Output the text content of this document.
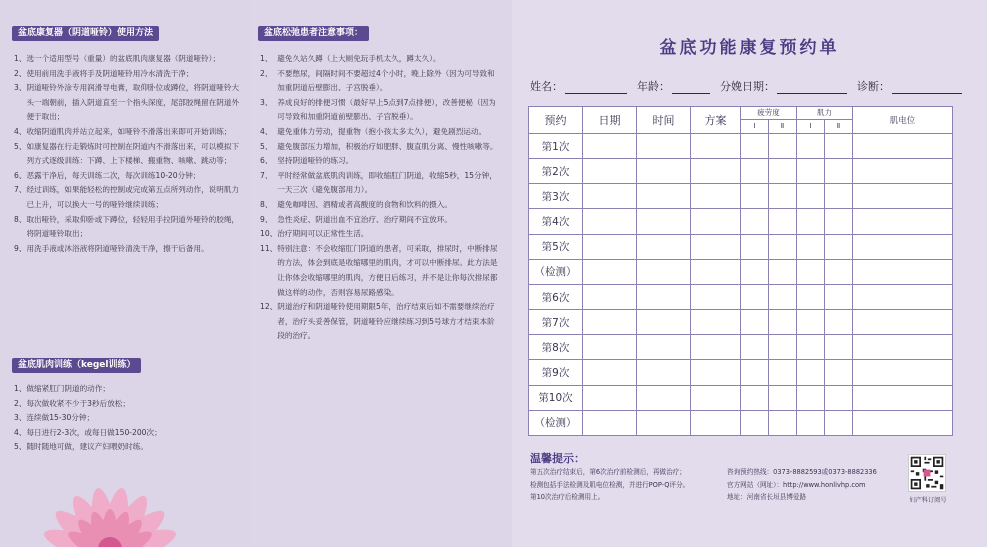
盆底康复器（阴道哑铃）使用方法
1、 选一个适用型号（重量）的盆底肌肉康复器（阴道哑铃）；
2、 使用前用洗手液将手及阴道哑铃用冷水清洗干净；
3、 阴道哑铃外涂专用润滑导电膏，取仰卧位或蹲位，将阴道哑铃大头一端朝前，插入阴道直至一个指头深度，尾部胶绳留在阴道外便于取出；
4、 收缩阴道肌肉并站立起来，如哑铃不滑落出来即可开始训练；
5、 如康复器在行走锻炼时可控制在阴道内不滑落出来，可以模拟下列方式逐级训练：下蹲、上下楼梯、搬重物、咳嗽、跳动等；
6、 恶露干净后，每天训练二次，每次训练10-20分钟；
7、 经过训练，如果能轻松的控制或完成第五点所列动作，说明肌力已上升，可以换大一号的哑铃继续训练；
8、 取出哑铃，采取仰卧或下蹲位，轻轻用手拉阴道外哑铃的胶绳，将阴道哑铃取出；
9、 用洗手液或沐浴液将阴道哑铃清洗干净，擦干后备用。
盆底肌肉训练（kegel训练）
1、 做缩紧肛门阴道的动作；
2、 每次做收紧不少于3秒后放松；
3、 连续做15-30分钟；
4、 每日进行2-3次，或每日做150-200次；
5、 随时随地可做，建议产妇喂奶时练。
盆底松弛患者注意事项：
1、 避免久站久蹲（上大厕免玩手机太久，蹲太久）。
2、 不要憋尿，间隔时间不要超过4个小时，晚上除外（因为可导致和加重阴道后壁膨出、子宫脱垂）。
3、 养成良好的排便习惯（最好早上5点到7点排便），改善便秘（因为可导致和加重阴道前壁膨出、子宫脱垂）。
4、 避免重体力劳动，提重物（抱小孩太多太久），避免剧烈运动。
5、 避免腹部压力增加，积极治疗如肥胖、腹直肌分离、慢性咳嗽等。
6、 坚持阴道哑铃的练习。
7、 平时经常做盆底肌肉训练，即收缩肛门阴道，收缩5秒，15分钟，一天三次（避免腹部用力）。
8、 避免咖啡因、酒精或者高酸度的食物和饮料的摄入。
9、 急性炎症、阴道出血不宜治疗、治疗期间不宜放环。
10、 治疗期间可以正常性生活。
11、 特别注意：不会收缩肛门阴道的患者，可采取，排尿时，中断排尿的方法，体会到底是收缩哪里的肌肉，才可以中断排尿。此方法是让你体会收缩哪里的肌肉，方便日后练习，并不是让你每次排尿都做这样的动作，否则容易尿路感染。
12、 阴道治疗和阴道哑铃使用期限5年，治疗结束后如不需要继续治疗者，治疗头妥善保管，阴道哑铃应继续练习到5号球方才结束本阶段的治疗。
盆底功能康复预约单
姓名：	年龄：	分娩日期：	诊断：
预约	日期	时间	方案	疲劳度		肌力		肌电位
				Ⅰ	Ⅱ	Ⅰ	Ⅱ	
第1次								
第2次								
第3次								
第4次								
第5次								
（检测）								
第6次								
第7次								
第8次								
第9次								
第10次								
（检测）								
温馨提示：
第五次治疗结束后，第6次治疗前检测后，再做治疗；
检测包括手法检测及肌电位检测，并进行POP-Q评分。
第10次治疗后检测用上。
咨询预约热线：0373-8882593或0373-8882336
官方网站（网址）：http://www.honlivhp.com
地址：河南省长垣县博爱路	妇产科订阅号
